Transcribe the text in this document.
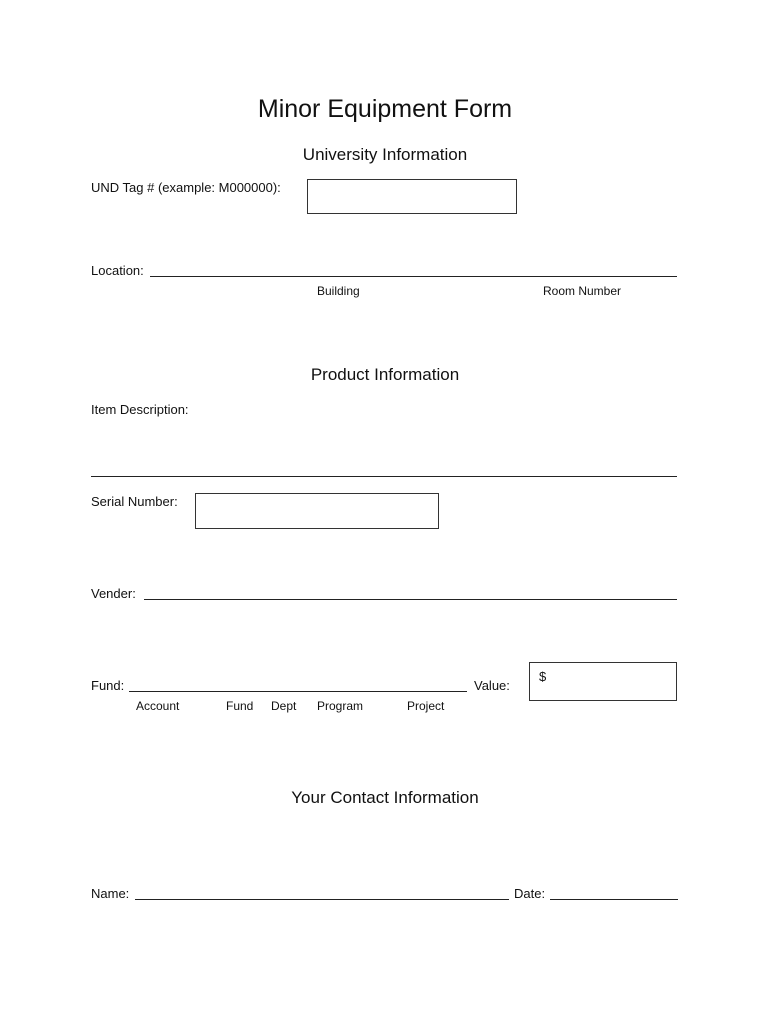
Minor Equipment Form
University Information
UND Tag # (example: M000000):
Location:
Building	Room Number
Product Information
Item Description:
Serial Number:
Vender:
Fund:	Value:
$
Account	Fund Dept Program	Project
Your Contact Information
Name:	Date:
